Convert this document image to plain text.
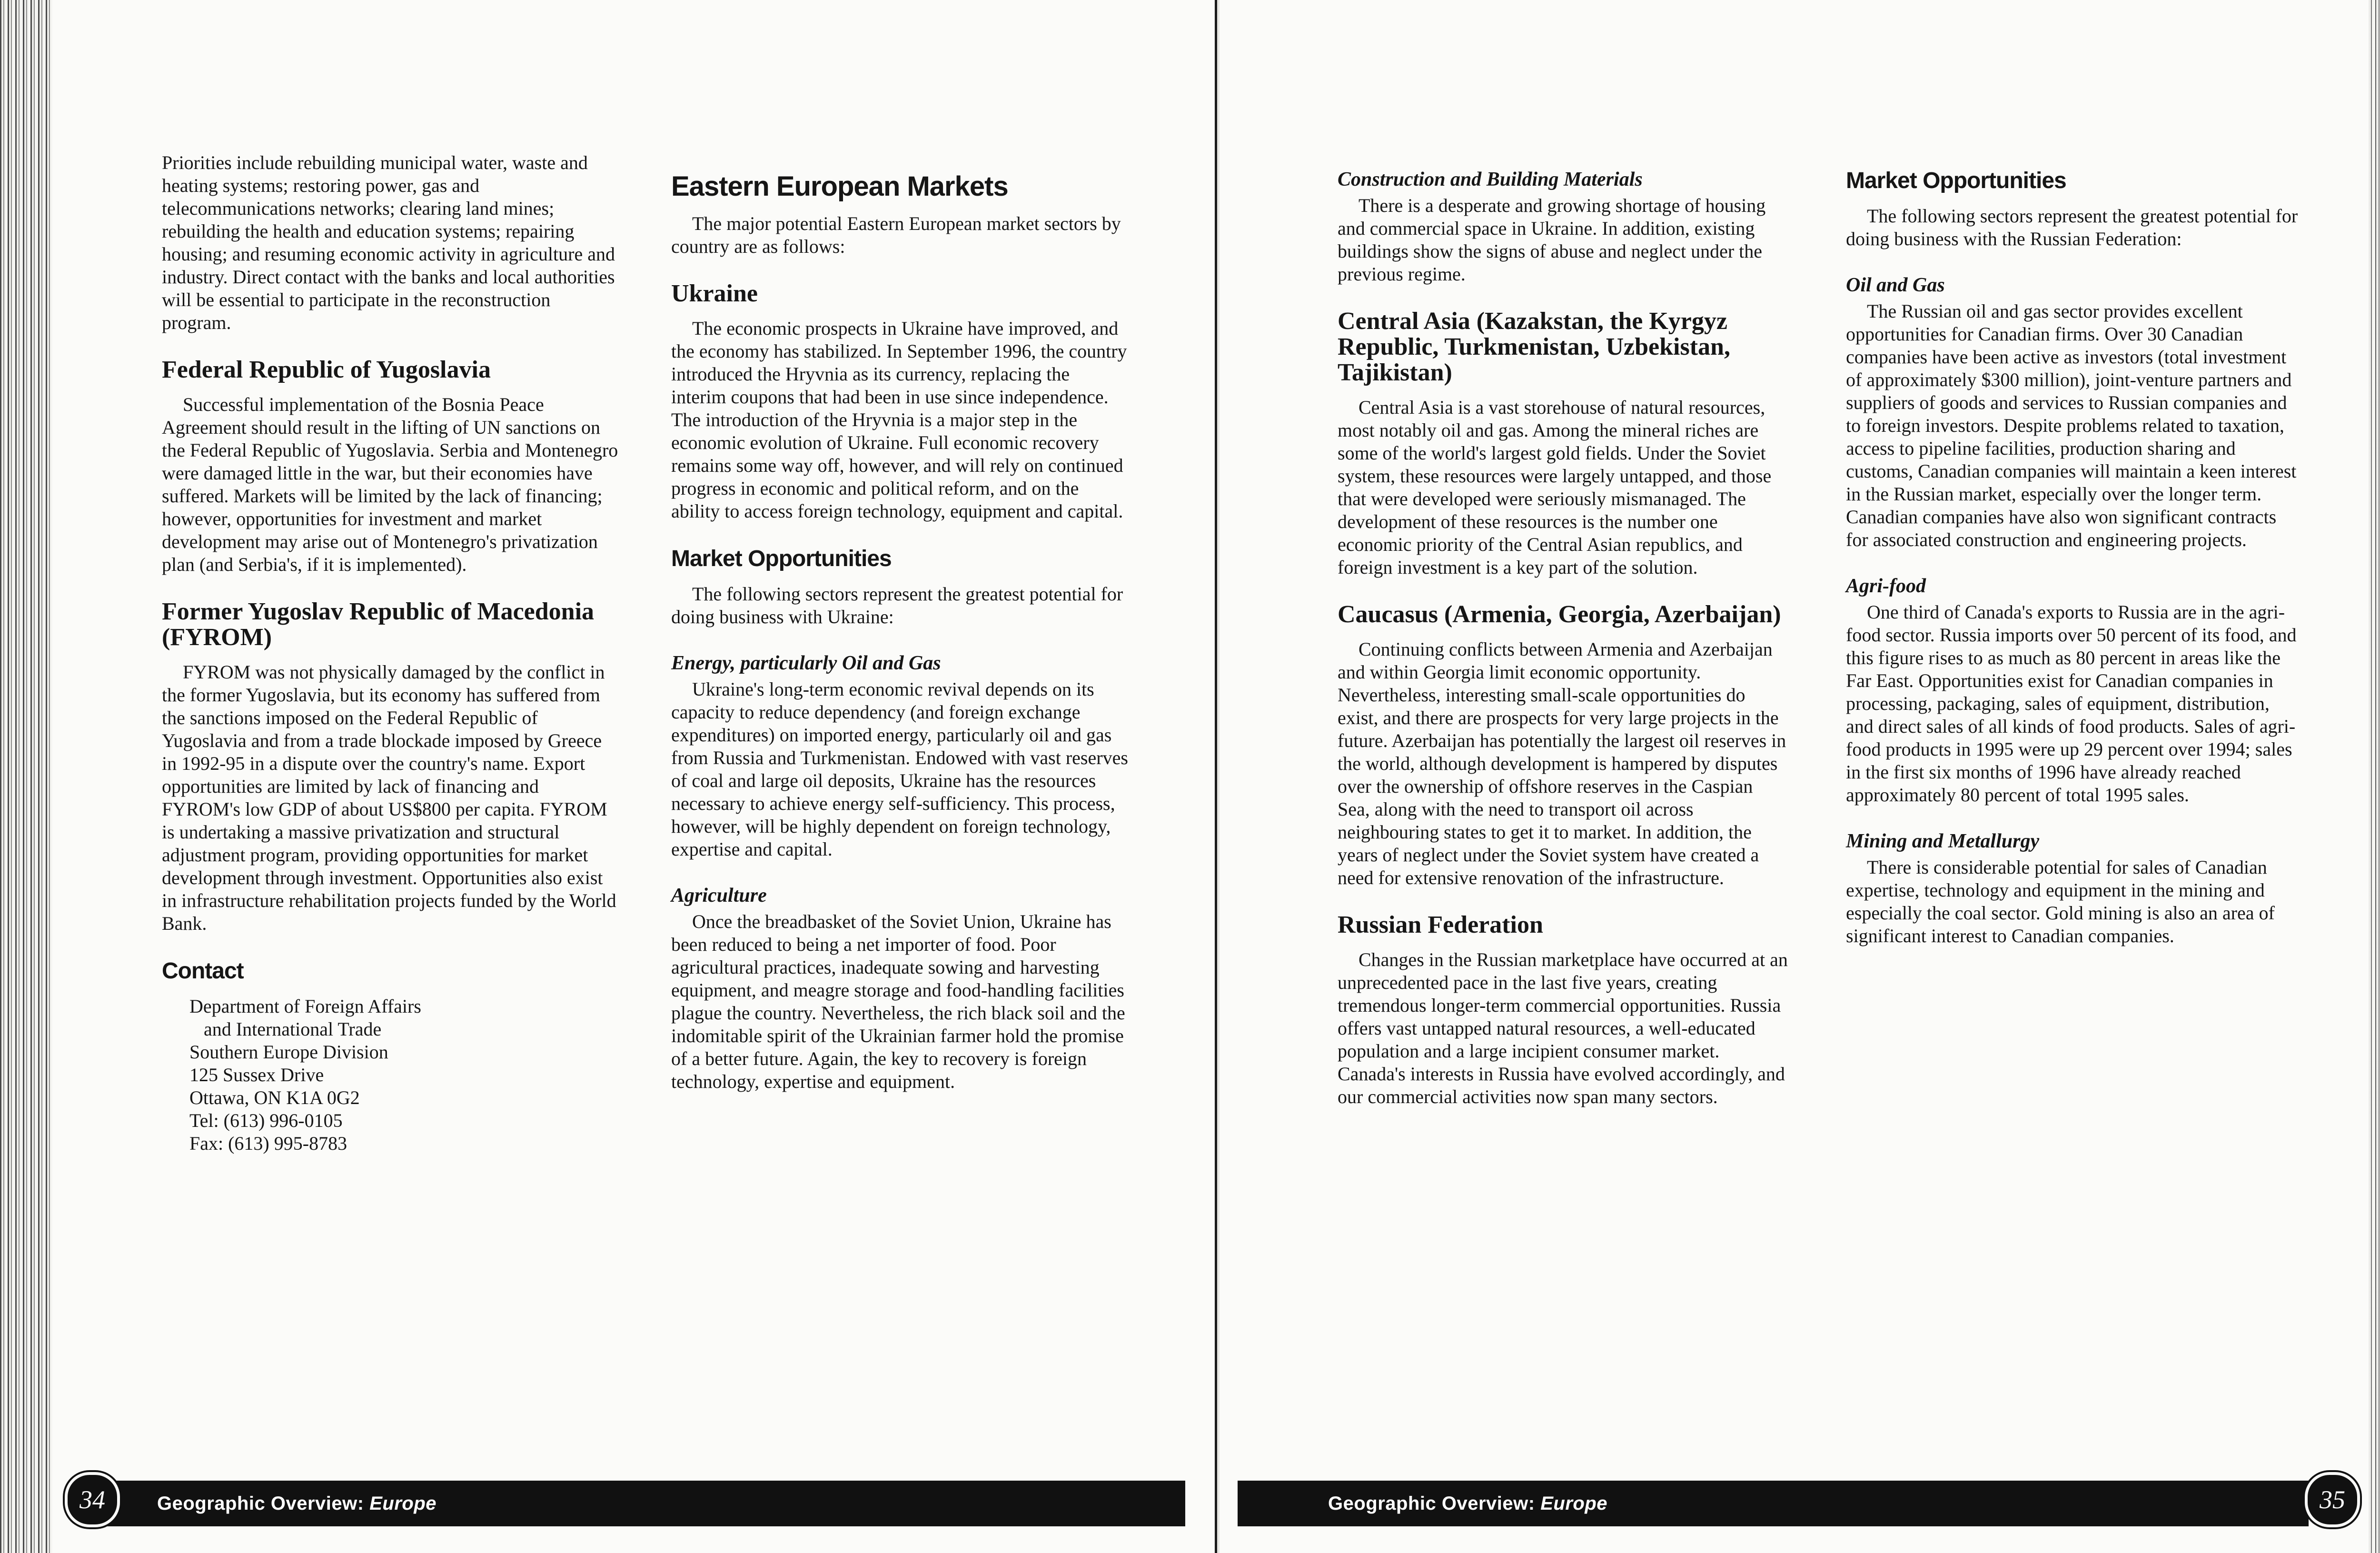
Priorities include rebuilding municipal water, waste and heating systems; restoring power, gas and telecommunications networks; clearing land mines; rebuilding the health and education systems; repairing housing; and resuming economic activity in agriculture and industry. Direct contact with the banks and local authorities will be essential to participate in the reconstruction program.

Federal Republic of Yugoslavia

Successful implementation of the Bosnia Peace Agreement should result in the lifting of UN sanctions on the Federal Republic of Yugoslavia. Serbia and Montenegro were damaged little in the war, but their economies have suffered. Markets will be limited by the lack of financing; however, opportunities for investment and market development may arise out of Montenegro's privatization plan (and Serbia's, if it is implemented).

Former Yugoslav Republic of Macedonia (FYROM)

FYROM was not physically damaged by the conflict in the former Yugoslavia, but its economy has suffered from the sanctions imposed on the Federal Republic of Yugoslavia and from a trade blockade imposed by Greece in 1992-95 in a dispute over the country's name. Export opportunities are limited by lack of financing and FYROM's low GDP of about US$800 per capita. FYROM is undertaking a massive privatization and structural adjustment program, providing opportunities for market development through investment. Opportunities also exist in infrastructure rehabilitation projects funded by the World Bank.

Contact
Department of Foreign Affairs
and International Trade
Southern Europe Division
125 Sussex Drive
Ottawa, ON K1A 0G2
Tel: (613) 996-0105
Fax: (613) 995-8783
Eastern European Markets

The major potential Eastern European market sectors by country are as follows:

Ukraine

The economic prospects in Ukraine have improved, and the economy has stabilized. In September 1996, the country introduced the Hryvnia as its currency, replacing the interim coupons that had been in use since independence. The introduction of the Hryvnia is a major step in the economic evolution of Ukraine. Full economic recovery remains some way off, however, and will rely on continued progress in economic and political reform, and on the ability to access foreign technology, equipment and capital.

Market Opportunities

The following sectors represent the greatest potential for doing business with Ukraine:

Energy, particularly Oil and Gas

Ukraine's long-term economic revival depends on its capacity to reduce dependency (and foreign exchange expenditures) on imported energy, particularly oil and gas from Russia and Turkmenistan. Endowed with vast reserves of coal and large oil deposits, Ukraine has the resources necessary to achieve energy self-sufficiency. This process, however, will be highly dependent on foreign technology, expertise and capital.

Agriculture

Once the breadbasket of the Soviet Union, Ukraine has been reduced to being a net importer of food. Poor agricultural practices, inadequate sowing and harvesting equipment, and meagre storage and food-handling facilities plague the country. Nevertheless, the rich black soil and the indomitable spirit of the Ukrainian farmer hold the promise of a better future. Again, the key to recovery is foreign technology, expertise and equipment.

Geographic Overview: Europe
34
Construction and Building Materials

There is a desperate and growing shortage of housing and commercial space in Ukraine. In addition, existing buildings show the signs of abuse and neglect under the previous regime.

Central Asia (Kazakstan, the Kyrgyz Republic, Turkmenistan, Uzbekistan, Tajikistan)

Central Asia is a vast storehouse of natural resources, most notably oil and gas. Among the mineral riches are some of the world's largest gold fields. Under the Soviet system, these resources were largely untapped, and those that were developed were seriously mismanaged. The development of these resources is the number one economic priority of the Central Asian republics, and foreign investment is a key part of the solution.

Caucasus (Armenia, Georgia, Azerbaijan)

Continuing conflicts between Armenia and Azerbaijan and within Georgia limit economic opportunity. Nevertheless, interesting small-scale opportunities do exist, and there are prospects for very large projects in the future. Azerbaijan has potentially the largest oil reserves in the world, although development is hampered by disputes over the ownership of offshore reserves in the Caspian Sea, along with the need to transport oil across neighbouring states to get it to market. In addition, the years of neglect under the Soviet system have created a need for extensive renovation of the infrastructure.

Russian Federation

Changes in the Russian marketplace have occurred at an unprecedented pace in the last five years, creating tremendous longer-term commercial opportunities. Russia offers vast untapped natural resources, a well-educated population and a large incipient consumer market. Canada's interests in Russia have evolved accordingly, and our commercial activities now span many sectors.

Market Opportunities

The following sectors represent the greatest potential for doing business with the Russian Federation:

Oil and Gas

The Russian oil and gas sector provides excellent opportunities for Canadian firms. Over 30 Canadian companies have been active as investors (total investment of approximately $300 million), joint-venture partners and suppliers of goods and services to Russian companies and to foreign investors. Despite problems related to taxation, access to pipeline facilities, production sharing and customs, Canadian companies will maintain a keen interest in the Russian market, especially over the longer term. Canadian companies have also won significant contracts for associated construction and engineering projects.

Agri-food

One third of Canada's exports to Russia are in the agri-food sector. Russia imports over 50 percent of its food, and this figure rises to as much as 80 percent in areas like the Far East. Opportunities exist for Canadian companies in processing, packaging, sales of equipment, distribution, and direct sales of all kinds of food products. Sales of agri-food products in 1995 were up 29 percent over 1994; sales in the first six months of 1996 have already reached approximately 80 percent of total 1995 sales.

Mining and Metallurgy

There is considerable potential for sales of Canadian expertise, technology and equipment in the mining and especially the coal sector. Gold mining is also an area of significant interest to Canadian companies.

Geographic Overview: Europe	35
